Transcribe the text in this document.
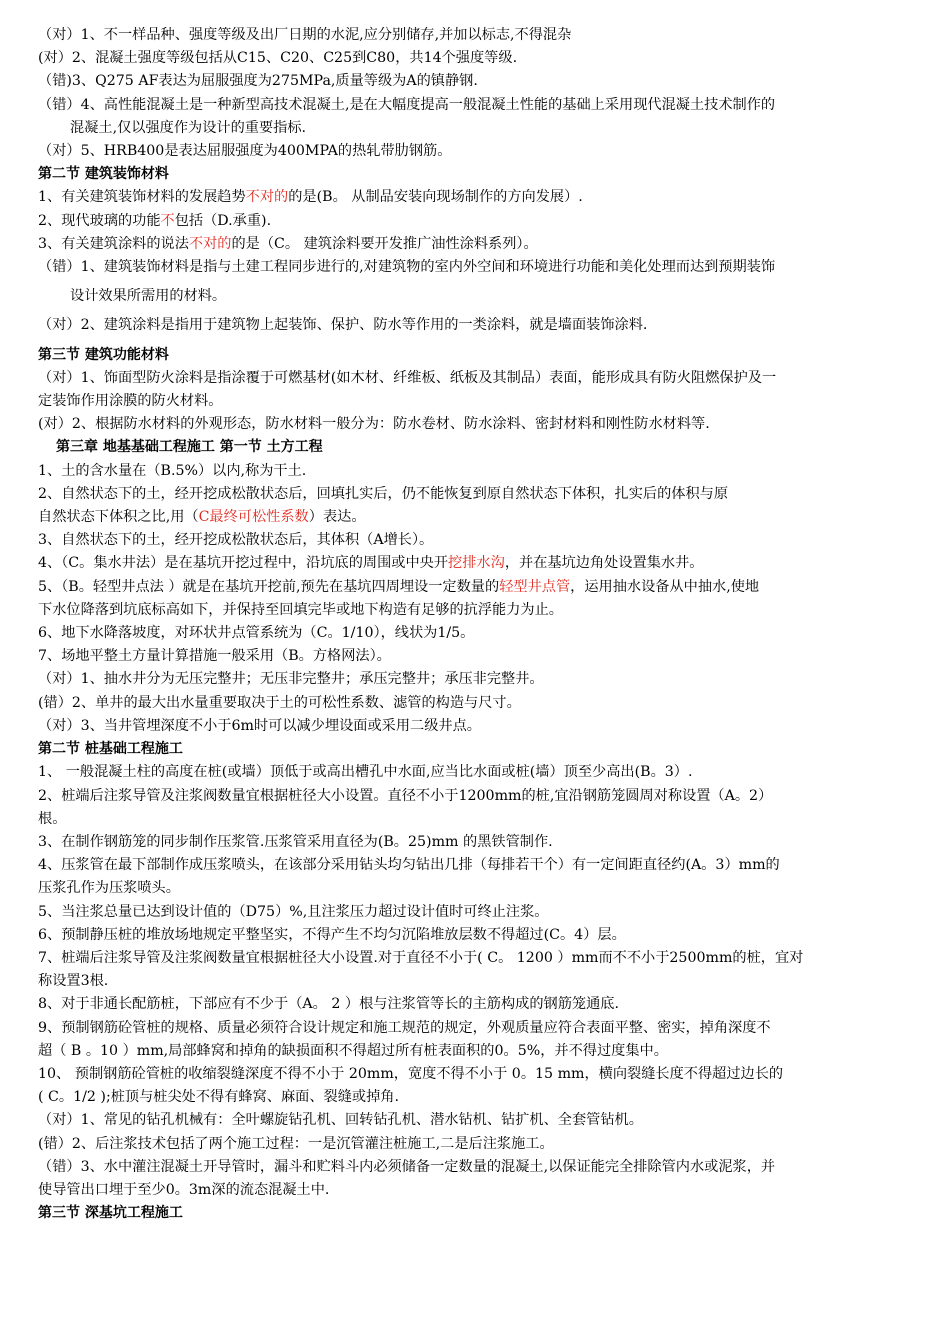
（对）1、不一样品种、强度等级及出厂日期的水泥,应分别储存,并加以标志,不得混杂
(对）2、混凝土强度等级包括从C15、C20、C25到C80，共14个强度等级.
（错)3、Q275 AF表达为屈服强度为275MPa,质量等级为A的镇静钢.
（错）4、高性能混凝土是一种新型高技术混凝土,是在大幅度提高一般混凝土性能的基础上采用现代混凝土技术制作的
混凝土,仅以强度作为设计的重要指标.
（对）5、HRB400是表达屈服强度为400MPA的热轧带肋钢筋。
第二节 建筑装饰材料
1、有关建筑装饰材料的发展趋势不对的的是(B。 从制品安装向现场制作的方向发展）.
2、现代玻璃的功能不包括（D.承重).
3、有关建筑涂料的说法不对的的是（C。 建筑涂料要开发推广油性涂料系列）。
（错）1、建筑装饰材料是指与土建工程同步进行的,对建筑物的室内外空间和环境进行功能和美化处理而达到预期装饰
设计效果所需用的材料。
（对）2、建筑涂料是指用于建筑物上起装饰、保护、防水等作用的一类涂料，就是墙面装饰涂料.
第三节 建筑功能材料
（对）1、饰面型防火涂料是指涂覆于可燃基材(如木材、纤维板、纸板及其制品）表面，能形成具有防火阻燃保护及一
定装饰作用涂膜的防火材料。
(对）2、根据防水材料的外观形态，防水材料一般分为：防水卷材、防水涂料、密封材料和刚性防水材料等.
第三章 地基基础工程施工 第一节 土方工程
1、土的含水量在（B.5%）以内,称为干土.
2、自然状态下的土，经开挖成松散状态后，回填扎实后，仍不能恢复到原自然状态下体积，扎实后的体积与原
自然状态下体积之比,用（C最终可松性系数）表达。
3、自然状态下的土，经开挖成松散状态后，其体积（A增长）。
4、（C。集水井法）是在基坑开挖过程中，沿坑底的周围或中央开挖排水沟，并在基坑边角处设置集水井。
5、（B。轻型井点法 ）就是在基坑开挖前,预先在基坑四周埋设一定数量的轻型井点管，运用抽水设备从中抽水,使地
下水位降落到坑底标高如下，并保持至回填完毕或地下构造有足够的抗浮能力为止。
6、地下水降落坡度，对环状井点管系统为（C。1/10），线状为1/5。
7、场地平整土方量计算措施一般采用（B。方格网法）。
（对）1、抽水井分为无压完整井；无压非完整井；承压完整井；承压非完整井。
(错）2、单井的最大出水量重要取决于土的可松性系数、滤管的构造与尺寸。
（对）3、当井管埋深度不小于6m时可以减少埋设面或采用二级井点。
第二节 桩基础工程施工
1、 一般混凝土柱的高度在桩(或墙）顶低于或高出槽孔中水面,应当比水面或桩(墙）顶至少高出(B。3）.
2、桩端后注浆导管及注浆阀数量宜根据桩径大小设置。直径不小于1200mm的桩,宜沿钢筋笼圆周对称设置（A。2）
根。
3、在制作钢筋笼的同步制作压浆管.压浆管采用直径为(B。25)mm 的黑铁管制作.
4、压浆管在最下部制作成压浆喷头，在该部分采用钻头均匀钻出几排（每排若干个）有一定间距直径约(A。3）mm的
压浆孔作为压浆喷头。
5、当注浆总量已达到设计值的（D75）%,且注浆压力超过设计值时可终止注浆。
6、预制静压桩的堆放场地规定平整坚实，不得产生不均匀沉陷堆放层数不得超过(C。4）层。
7、桩端后注浆导管及注浆阀数量宜根据桩径大小设置.对于直径不小于( C。 1200 ）mm而不不小于2500mm的桩，宜对
称设置3根.
8、对于非通长配筋桩，下部应有不少于（A。 2 ）根与注浆管等长的主筋构成的钢筋笼通底.
9、预制钢筋砼管桩的规格、质量必须符合设计规定和施工规范的规定，外观质量应符合表面平整、密实，掉角深度不
超（ B 。10 ）mm,局部蜂窝和掉角的缺损面积不得超过所有桩表面积的0。5%，并不得过度集中。
10、 预制钢筋砼管桩的收缩裂缝深度不得不小于 20mm，宽度不得不小于 0。15 mm，横向裂缝长度不得超过边长的
( C。1/2 );桩顶与桩尖处不得有蜂窝、麻面、裂缝或掉角.
（对）1、常见的钻孔机械有：全叶螺旋钻孔机、回转钻孔机、潜水钻机、钻扩机、全套管钻机。
(错）2、后注浆技术包括了两个施工过程：一是沉管灌注桩施工,二是后注浆施工。
（错）3、水中灌注混凝土开导管时，漏斗和贮料斗内必须储备一定数量的混凝土,以保证能完全排除管内水或泥浆，并
使导管出口埋于至少0。3m深的流态混凝土中.
第三节 深基坑工程施工
